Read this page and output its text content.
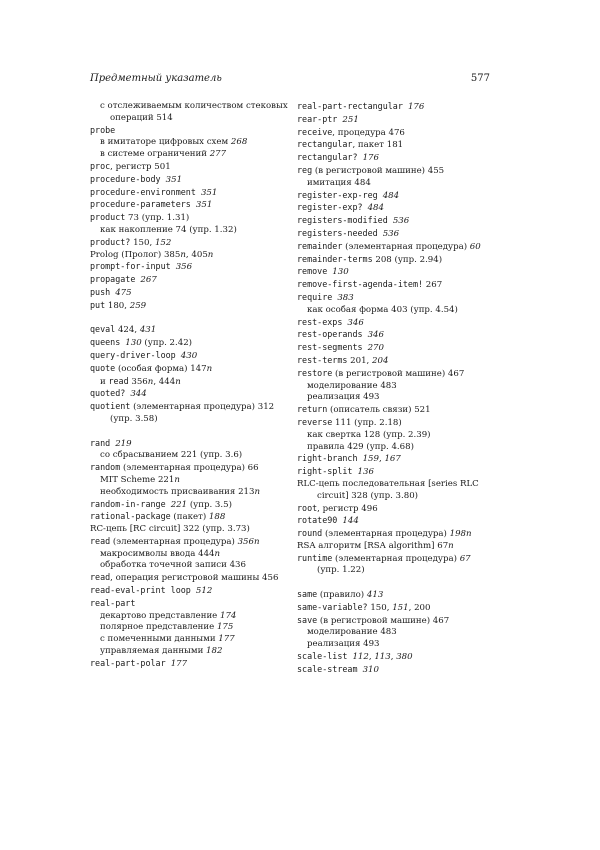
Предметный указатель	577
с отслеживаемым количеством стековых
операций 514
probe
в имитаторе цифровых схем 268
в системе ограничений 277
proc, регистр 501
procedure-body 351
procedure-environment 351
procedure-parameters 351
product 73 (упр. 1.31)
как накопление 74 (упр. 1.32)
product? 150, 152
Prolog (Пролог) 385n, 405n
prompt-for-input 356
propagate 267
push 475
put 180, 259
qeval 424, 431
queens 130 (упр. 2.42)
query-driver-loop 430
quote (особая форма) 147n
и read 356n, 444n
quoted? 344
quotient (элементарная процедура) 312
(упр. 3.58)
rand 219
со сбрасыванием 221 (упр. 3.6)
random (элементарная процедура) 66
MIT Scheme 221n
необходимость присваивания 213n
random-in-range 221 (упр. 3.5)
rational-package (пакет) 188
RC-цепь [RC circuit] 322 (упр. 3.73)
read (элементарная процедура) 356n
макросимволы ввода 444n
обработка точечной записи 436
read, операция регистровой машины 456
read-eval-print loop 512
real-part
декартово представление 174
полярное представление 175
с помеченными данными 177
управляемая данными 182
real-part-polar 177
real-part-rectangular 176
rear-ptr 251
receive, процедура 476
rectangular, пакет 181
rectangular? 176
reg (в регистровой машине) 455
имитация 484
register-exp-reg 484
register-exp? 484
registers-modified 536
registers-needed 536
remainder (элементарная процедура) 60
remainder-terms 208 (упр. 2.94)
remove 130
remove-first-agenda-item! 267
require 383
как особая форма 403 (упр. 4.54)
rest-exps 346
rest-operands 346
rest-segments 270
rest-terms 201, 204
restore (в регистровой машине) 467
моделирование 483
реализация 493
return (описатель связи) 521
reverse 111 (упр. 2.18)
как свертка 128 (упр. 2.39)
правила 429 (упр. 4.68)
right-branch 159, 167
right-split 136
RLC-цепь последовательная [series RLC
circuit] 328 (упр. 3.80)
root, регистр 496
rotate90 144
round (элементарная процедура) 198n
RSA алгоритм [RSA algorithm] 67n
runtime (элементарная процедура) 67
(упр. 1.22)
same (правило) 413
same-variable? 150, 151, 200
save (в регистровой машине) 467
моделирование 483
реализация 493
scale-list 112, 113, 380
scale-stream 310
